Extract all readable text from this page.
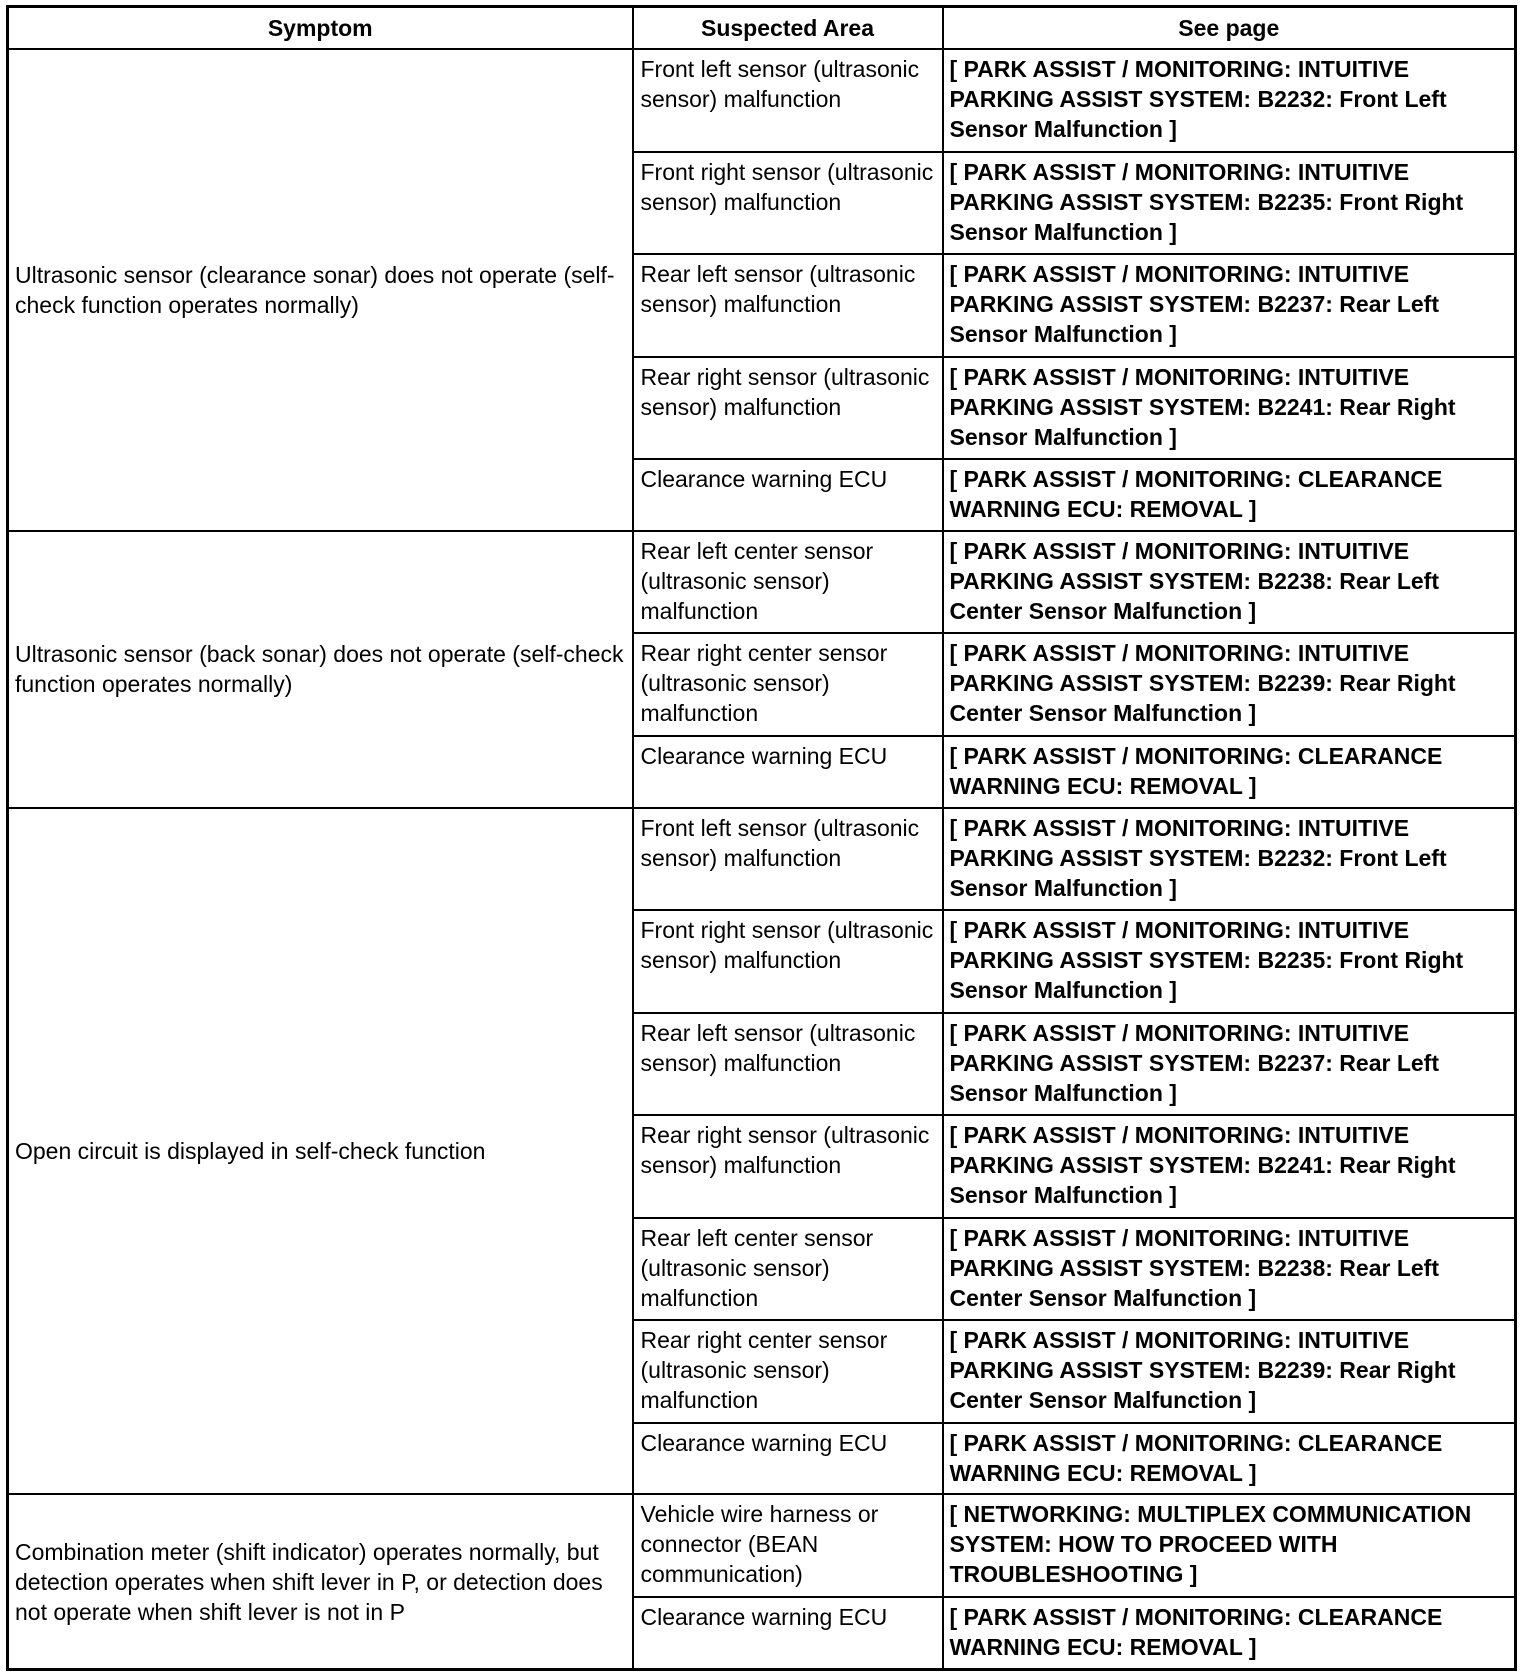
Symptom	Suspected Area	See page
Ultrasonic sensor (clearance sonar) does not operate (self-check function operates normally)	Front left sensor (ultrasonic sensor) malfunction	[ PARK ASSIST / MONITORING: INTUITIVE PARKING ASSIST SYSTEM: B2232: Front Left Sensor Malfunction ]
	Front right sensor (ultrasonic sensor) malfunction	[ PARK ASSIST / MONITORING: INTUITIVE PARKING ASSIST SYSTEM: B2235: Front Right Sensor Malfunction ]
	Rear left sensor (ultrasonic sensor) malfunction	[ PARK ASSIST / MONITORING: INTUITIVE PARKING ASSIST SYSTEM: B2237: Rear Left Sensor Malfunction ]
	Rear right sensor (ultrasonic sensor) malfunction	[ PARK ASSIST / MONITORING: INTUITIVE PARKING ASSIST SYSTEM: B2241: Rear Right Sensor Malfunction ]
	Clearance warning ECU	[ PARK ASSIST / MONITORING: CLEARANCE WARNING ECU: REMOVAL ]
Ultrasonic sensor (back sonar) does not operate (self-check function operates normally)	Rear left center sensor (ultrasonic sensor) malfunction	[ PARK ASSIST / MONITORING: INTUITIVE PARKING ASSIST SYSTEM: B2238: Rear Left Center Sensor Malfunction ]
	Rear right center sensor (ultrasonic sensor) malfunction	[ PARK ASSIST / MONITORING: INTUITIVE PARKING ASSIST SYSTEM: B2239: Rear Right Center Sensor Malfunction ]
	Clearance warning ECU	[ PARK ASSIST / MONITORING: CLEARANCE WARNING ECU: REMOVAL ]
Open circuit is displayed in self-check function	Front left sensor (ultrasonic sensor) malfunction	[ PARK ASSIST / MONITORING: INTUITIVE PARKING ASSIST SYSTEM: B2232: Front Left Sensor Malfunction ]
	Front right sensor (ultrasonic sensor) malfunction	[ PARK ASSIST / MONITORING: INTUITIVE PARKING ASSIST SYSTEM: B2235: Front Right Sensor Malfunction ]
	Rear left sensor (ultrasonic sensor) malfunction	[ PARK ASSIST / MONITORING: INTUITIVE PARKING ASSIST SYSTEM: B2237: Rear Left Sensor Malfunction ]
	Rear right sensor (ultrasonic sensor) malfunction	[ PARK ASSIST / MONITORING: INTUITIVE PARKING ASSIST SYSTEM: B2241: Rear Right Sensor Malfunction ]
	Rear left center sensor (ultrasonic sensor) malfunction	[ PARK ASSIST / MONITORING: INTUITIVE PARKING ASSIST SYSTEM: B2238: Rear Left Center Sensor Malfunction ]
	Rear right center sensor (ultrasonic sensor) malfunction	[ PARK ASSIST / MONITORING: INTUITIVE PARKING ASSIST SYSTEM: B2239: Rear Right Center Sensor Malfunction ]
	Clearance warning ECU	[ PARK ASSIST / MONITORING: CLEARANCE WARNING ECU: REMOVAL ]
Combination meter (shift indicator) operates normally, but detection operates when shift lever in P, or detection does not operate when shift lever is not in P	Vehicle wire harness or connector (BEAN communication)	[ NETWORKING: MULTIPLEX COMMUNICATION SYSTEM: HOW TO PROCEED WITH TROUBLESHOOTING ]
	Clearance warning ECU	[ PARK ASSIST / MONITORING: CLEARANCE WARNING ECU: REMOVAL ]
